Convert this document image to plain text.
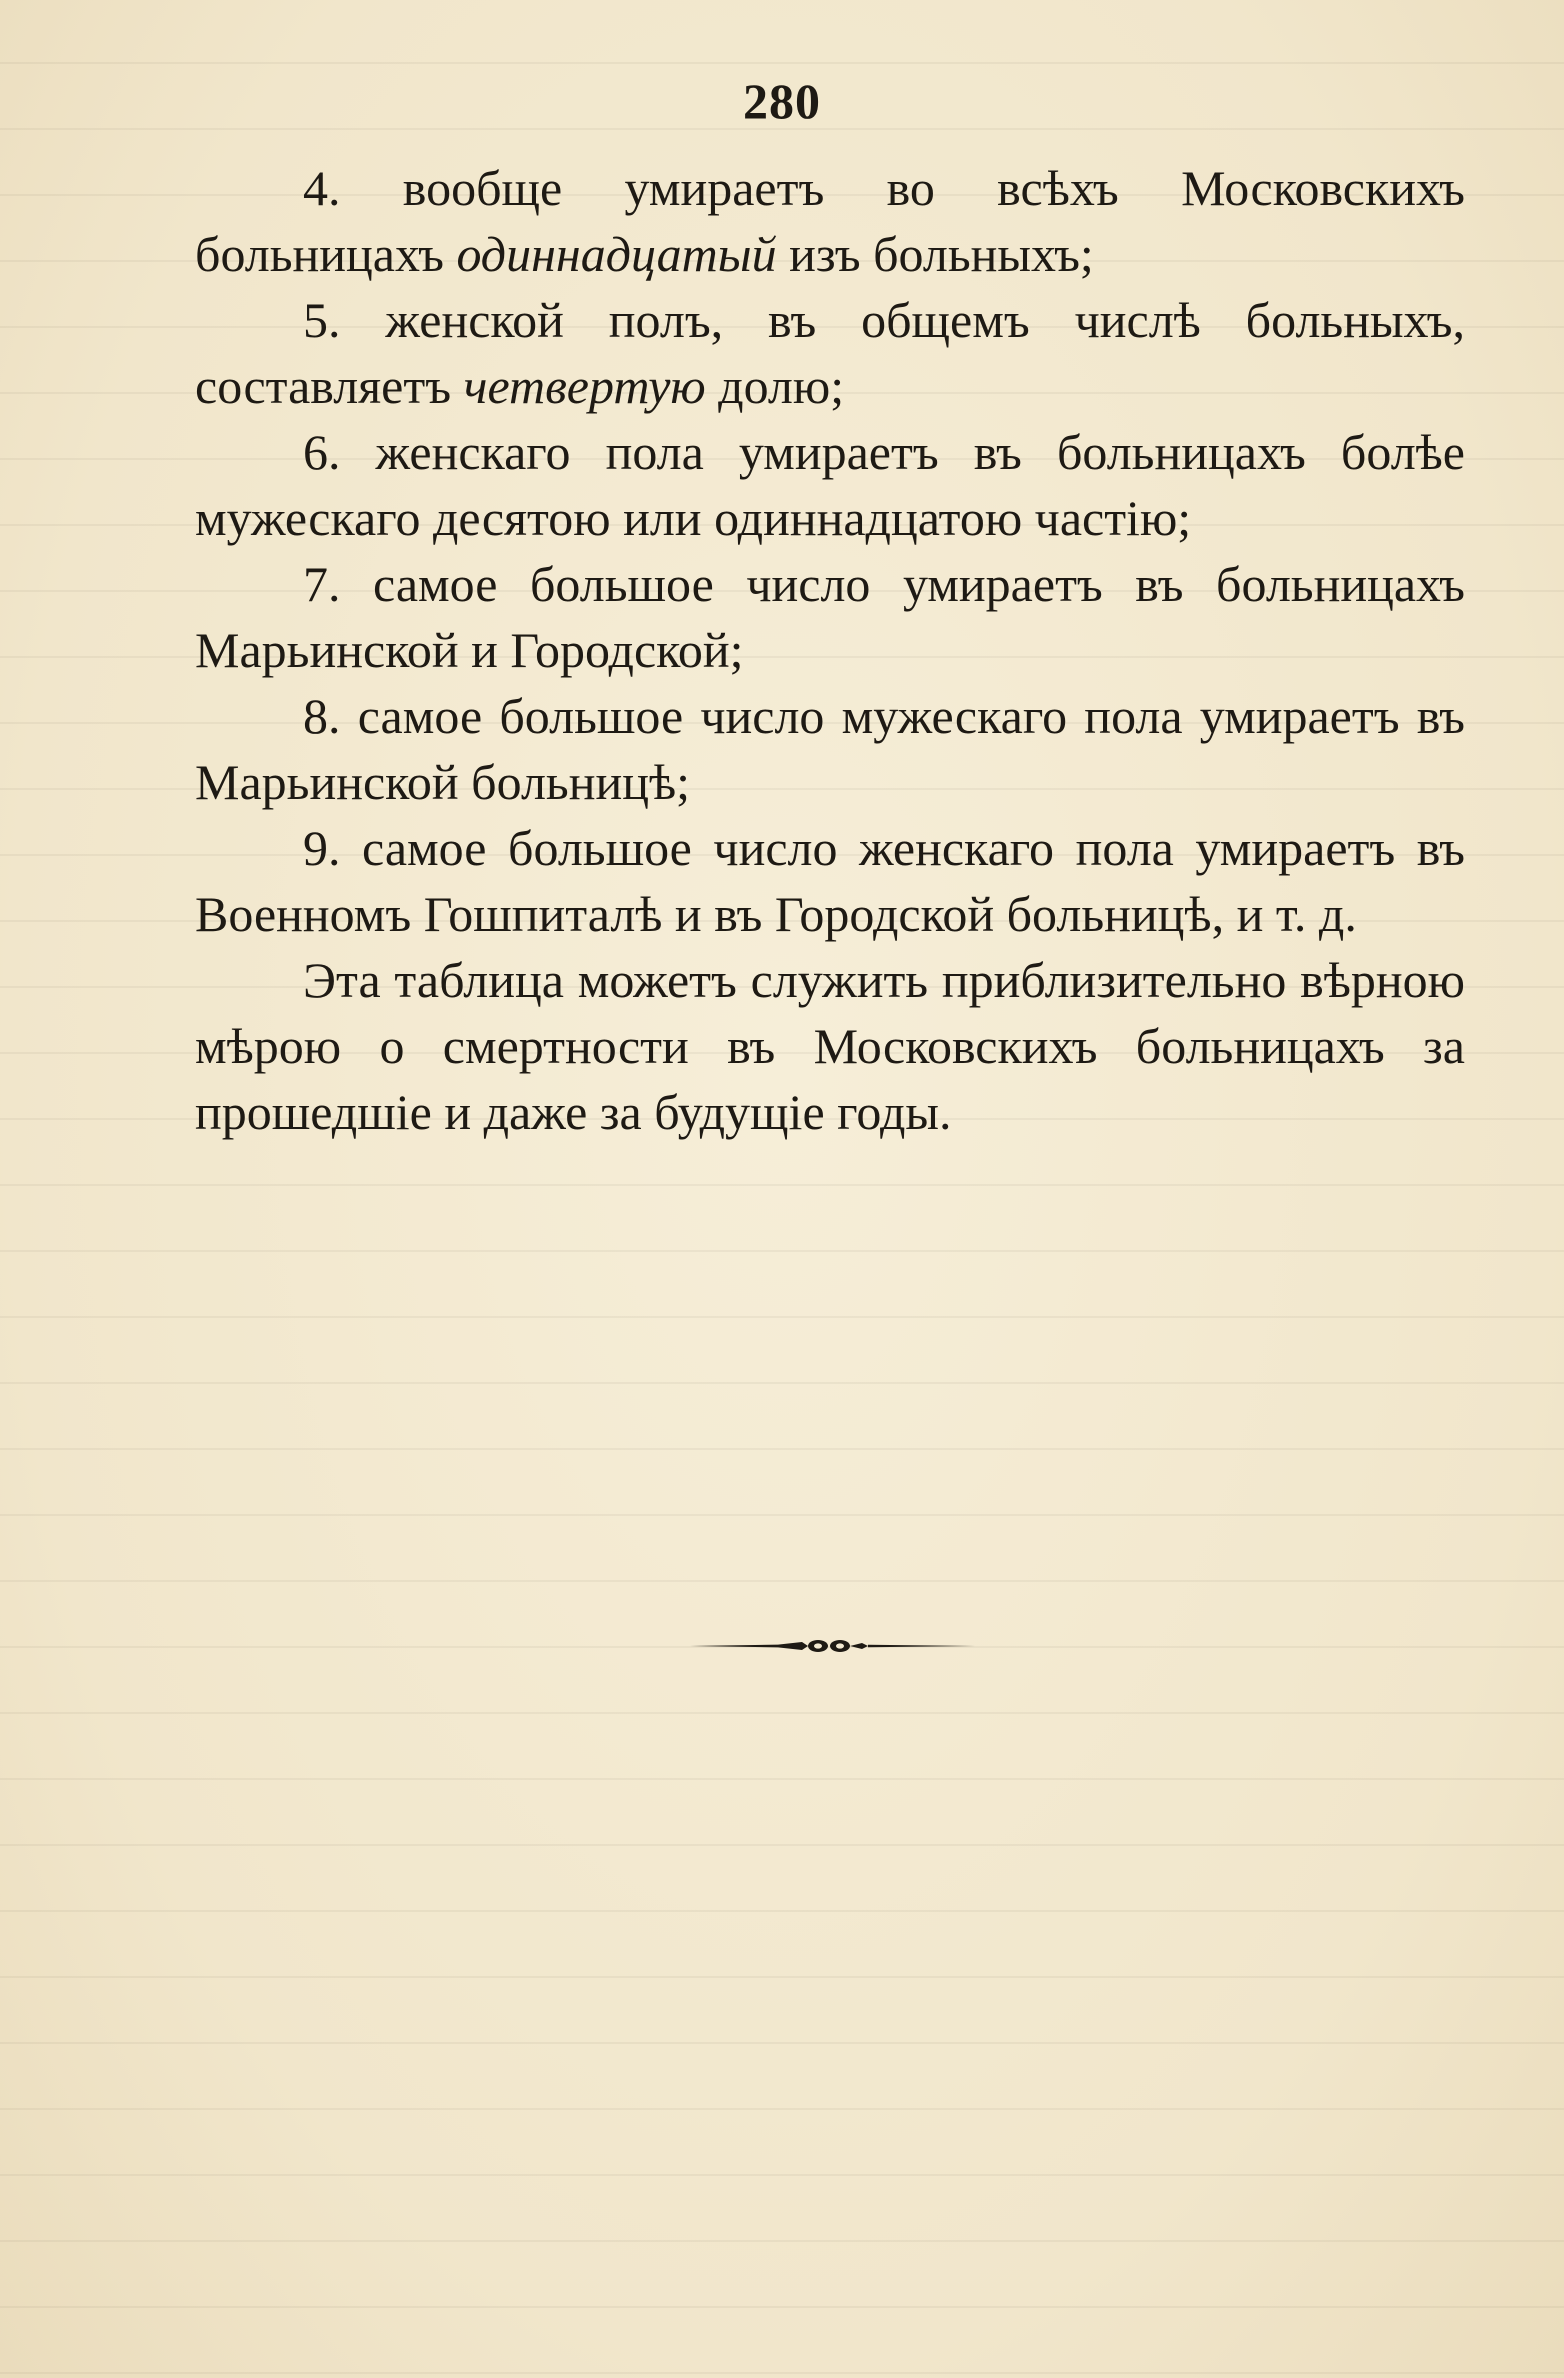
280

4. вообще умираетъ во всѣхъ Московскихъ больницахъ одиннадцатый изъ больныхъ;

5. женской полъ, въ общемъ числѣ больныхъ, составляетъ четвертую долю;

6. женскаго пола умираетъ въ больницахъ болѣе мужескаго десятою или одиннадцатою частію;

7. самое большое число умираетъ въ больницахъ Марьинской и Городской;

8. самое большое число мужескаго пола умираетъ въ Марьинской больницѣ;

9. самое большое число женскаго пола умираетъ въ Военномъ Гошпиталѣ и въ Городской больницѣ, и т. д.

Эта таблица можетъ служить приблизительно вѣрною мѣрою о смертности въ Московскихъ больницахъ за прошедшіе и даже за будущіе годы.
